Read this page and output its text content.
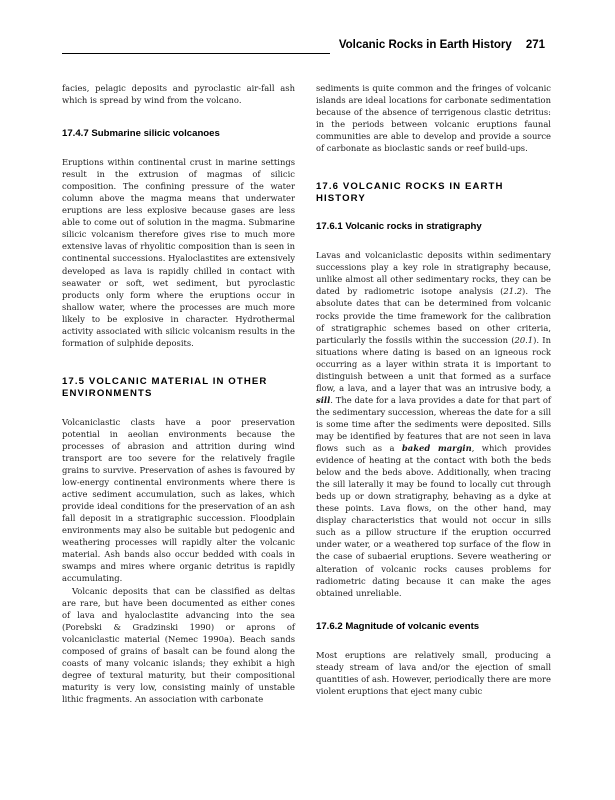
Volcanic Rocks in Earth History 271

facies, pelagic deposits and pyroclastic air-fall ash which is spread by wind from the volcano.

17.4.7 Submarine silicic volcanoes

Eruptions within continental crust in marine settings result in the extrusion of magmas of silicic composition. The confining pressure of the water column above the magma means that underwater eruptions are less explosive because gases are less able to come out of solution in the magma. Submarine silicic volcanism therefore gives rise to much more extensive lavas of rhyolitic composition than is seen in continental successions. Hyaloclastites are extensively developed as lava is rapidly chilled in contact with seawater or soft, wet sediment, but pyroclastic products only form where the eruptions occur in shallow water, where the processes are much more likely to be explosive in character. Hydrothermal activity associated with silicic volcanism results in the formation of sulphide deposits.

17.5 VOLCANIC MATERIAL IN OTHER ENVIRONMENTS

Volcaniclastic clasts have a poor preservation potential in aeolian environments because the processes of abrasion and attrition during wind transport are too severe for the relatively fragile grains to survive. Preservation of ashes is favoured by low-energy continental environments where there is active sediment accumulation, such as lakes, which provide ideal conditions for the preservation of an ash fall deposit in a stratigraphic succession. Floodplain environments may also be suitable but pedogenic and weathering processes will rapidly alter the volcanic material. Ash bands also occur bedded with coals in swamps and mires where organic detritus is rapidly accumulating.

Volcanic deposits that can be classified as deltas are rare, but have been documented as either cones of lava and hyaloclastite advancing into the sea (Porebski & Gradzinski 1990) or aprons of volcaniclastic material (Nemec 1990a). Beach sands composed of grains of basalt can be found along the coasts of many volcanic islands; they exhibit a high degree of textural maturity, but their compositional maturity is very low, consisting mainly of unstable lithic fragments. An association with carbonate

sediments is quite common and the fringes of volcanic islands are ideal locations for carbonate sedimentation because of the absence of terrigenous clastic detritus: in the periods between volcanic eruptions faunal communities are able to develop and provide a source of carbonate as bioclastic sands or reef build-ups.

17.6 VOLCANIC ROCKS IN EARTH HISTORY
17.6.1 Volcanic rocks in stratigraphy

Lavas and volcaniclastic deposits within sedimentary successions play a key role in stratigraphy because, unlike almost all other sedimentary rocks, they can be dated by radiometric isotope analysis (21.2). The absolute dates that can be determined from volcanic rocks provide the time framework for the calibration of stratigraphic schemes based on other criteria, particularly the fossils within the succession (20.1). In situations where dating is based on an igneous rock occurring as a layer within strata it is important to distinguish between a unit that formed as a surface flow, a lava, and a layer that was an intrusive body, a sill. The date for a lava provides a date for that part of the sedimentary succession, whereas the date for a sill is some time after the sediments were deposited. Sills may be identified by features that are not seen in lava flows such as a baked margin, which provides evidence of heating at the contact with both the beds below and the beds above. Additionally, when tracing the sill laterally it may be found to locally cut through beds up or down stratigraphy, behaving as a dyke at these points. Lava flows, on the other hand, may display characteristics that would not occur in sills such as a pillow structure if the eruption occurred under water, or a weathered top surface of the flow in the case of subaerial eruptions. Severe weathering or alteration of volcanic rocks causes problems for radiometric dating because it can make the ages obtained unreliable.

17.6.2 Magnitude of volcanic events

Most eruptions are relatively small, producing a steady stream of lava and/or the ejection of small quantities of ash. However, periodically there are more violent eruptions that eject many cubic
